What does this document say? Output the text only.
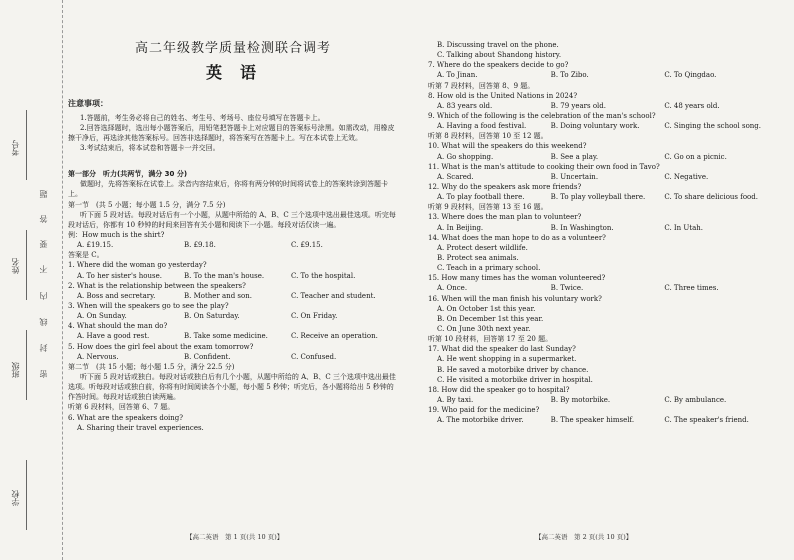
考号
姓名
班级
学校
题
答
要
不
内
线
封
密
高二年级教学质量检测联合调考
英语
注意事项：

1.答题前，考生务必将自己的姓名、考生号、考场号、座位号填写在答题卡上。

2.回答选择题时，选出每小题答案后，用铅笔把答题卡上对应题目的答案标号涂黑。如需改动，用橡皮擦干净后，再选涂其他答案标号。回答非选择题时，将答案写在答题卡上。写在本试卷上无效。

3.考试结束后，将本试卷和答题卡一并交回。

第一部分　听力(共两节，满分 30 分)

做题时，先将答案标在试卷上。录音内容结束后，你将有两分钟的时间将试卷上的答案转涂到答题卡上。

第一节　(共 5 小题；每小题 1.5 分，满分 7.5 分)

听下面 5 段对话。每段对话后有一个小题，从题中所给的 A、B、C 三个选项中选出最佳选项。听完每段对话后，你都有 10 秒钟的时间来回答有关小题和阅读下一小题。每段对话仅读一遍。

例：How much is the shirt?

A. £19.15.	B. £9.18.	C. £9.15.

答案是 C。

1. Where did the woman go yesterday?

A. To her sister's house.	B. To the man's house.	C. To the hospital.

2. What is the relationship between the speakers?

A. Boss and secretary.	B. Mother and son.	C. Teacher and student.

3. When will the speakers go to see the play?

A. On Sunday.	B. On Saturday.	C. On Friday.

4. What should the man do?

A. Have a good rest.	B. Take some medicine.	C. Receive an operation.

5. How does the girl feel about the exam tomorrow?

A. Nervous.	B. Confident.	C. Confused.

第二节　(共 15 小题；每小题 1.5 分，满分 22.5 分)

听下面 5 段对话或独白。每段对话或独白后有几个小题，从题中所给的 A、B、C 三个选项中选出最佳选项。听每段对话或独白前，你将有时间阅读各个小题，每小题 5 秒钟；听完后，各小题将给出 5 秒钟的作答时间。每段对话或独白读两遍。

听第 6 段材料，回答第 6、7 题。

6. What are the speakers doing?

A. Sharing their travel experiences.

B. Discussing travel on the phone.

C. Talking about Shandong history.

7. Where do the speakers decide to go?

A. To Jinan.	B. To Zibo.	C. To Qingdao.

听第 7 段材料，回答第 8、9 题。

8. How old is the United Nations in 2024?

A. 83 years old.	B. 79 years old.	C. 48 years old.

9. Which of the following is the celebration of the man's school?

A. Having a food festival.	B. Doing voluntary work.	C. Singing the school song.

听第 8 段材料，回答第 10 至 12 题。

10. What will the speakers do this weekend?

A. Go shopping.	B. See a play.	C. Go on a picnic.

11. What is the man's attitude to cooking their own food in Tavo?

A. Scared.	B. Uncertain.	C. Negative.

12. Why do the speakers ask more friends?

A. To play football there.	B. To play volleyball there.	C. To share delicious food.

听第 9 段材料，回答第 13 至 16 题。

13. Where does the man plan to volunteer?

A. In Beijing.	B. In Washington.	C. In Utah.

14. What does the man hope to do as a volunteer?

A. Protect desert wildlife.
B. Protect sea animals.
C. Teach in a primary school.

15. How many times has the woman volunteered?

A. Once.	B. Twice.	C. Three times.

16. When will the man finish his voluntary work?

A. On October 1st this year.
B. On December 1st this year.
C. On June 30th next year.

听第 10 段材料，回答第 17 至 20 题。

17. What did the speaker do last Sunday?

A. He went shopping in a supermarket.
B. He saved a motorbike driver by chance.
C. He visited a motorbike driver in hospital.

18. How did the speaker go to hospital?

A. By taxi.	B. By motorbike.	C. By ambulance.

19. Who paid for the medicine?

A. The motorbike driver.	B. The speaker himself.	C. The speaker's friend.
【高二英语　第 1 页(共 10 页)】	【高二英语　第 2 页(共 10 页)】
